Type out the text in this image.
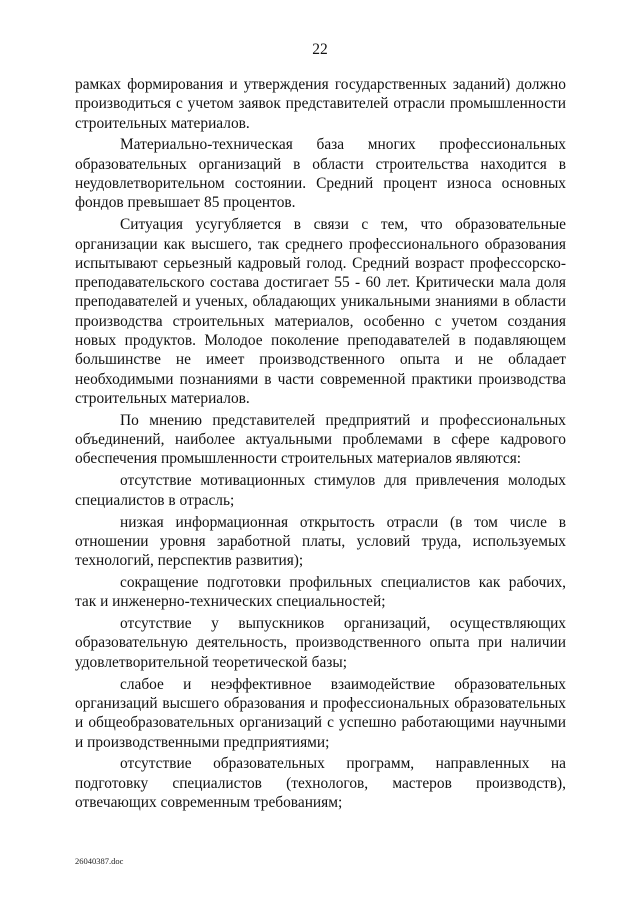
22

рамках формирования и утверждения государственных заданий) должно производиться с учетом заявок представителей отрасли промышленности строительных материалов.

Материально-техническая база многих профессиональных образовательных организаций в области строительства находится в неудовлетворительном состоянии. Средний процент износа основных фондов превышает 85 процентов.

Ситуация усугубляется в связи с тем, что образовательные организации как высшего, так среднего профессионального образования испытывают серьезный кадровый голод. Средний возраст профессорско-преподавательского состава достигает 55 - 60 лет. Критически мала доля преподавателей и ученых, обладающих уникальными знаниями в области производства строительных материалов, особенно с учетом создания новых продуктов. Молодое поколение преподавателей в подавляющем большинстве не имеет производственного опыта и не обладает необходимыми познаниями в части современной практики производства строительных материалов.

По мнению представителей предприятий и профессиональных объединений, наиболее актуальными проблемами в сфере кадрового обеспечения промышленности строительных материалов являются:

отсутствие мотивационных стимулов для привлечения молодых специалистов в отрасль;

низкая информационная открытость отрасли (в том числе в отношении уровня заработной платы, условий труда, используемых технологий, перспектив развития);

сокращение подготовки профильных специалистов как рабочих, так и инженерно-технических специальностей;

отсутствие у выпускников организаций, осуществляющих образовательную деятельность, производственного опыта при наличии удовлетворительной теоретической базы;

слабое и неэффективное взаимодействие образовательных организаций высшего образования и профессиональных образовательных и общеобразовательных организаций с успешно работающими научными и производственными предприятиями;

отсутствие образовательных программ, направленных на подготовку специалистов (технологов, мастеров производств), отвечающих современным требованиям;

26040387.doc
